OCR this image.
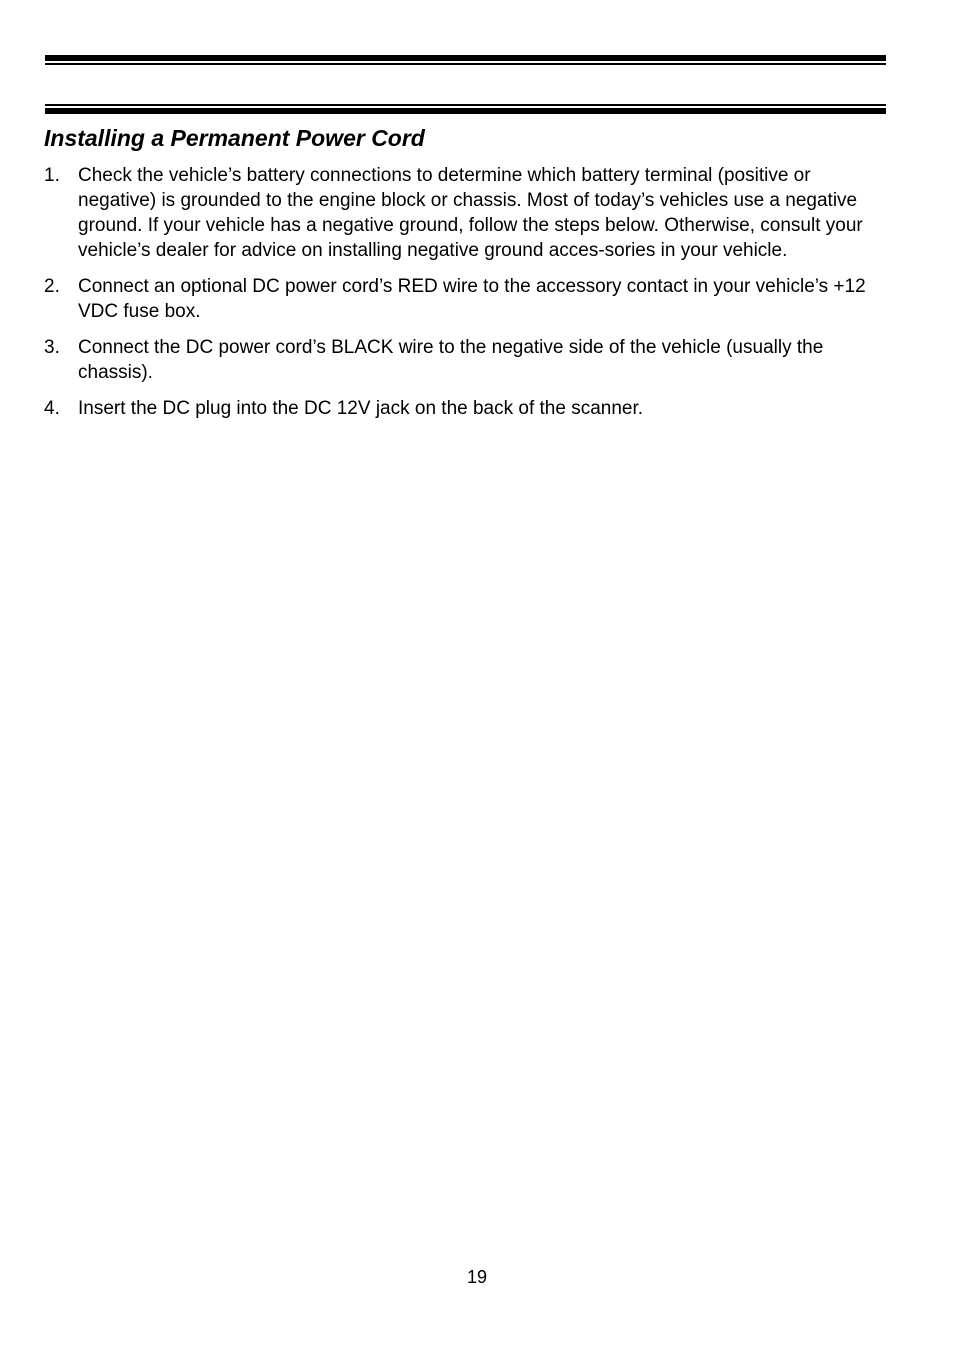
Installing a Permanent Power Cord
1. Check the vehicle’s battery connections to determine which battery terminal (positive or negative) is grounded to the engine block or chassis. Most of today’s vehicles use a negative ground. If your vehicle has a negative ground, follow the steps below. Otherwise, consult your vehicle’s dealer for advice on installing negative ground acces-sories in your vehicle.
2. Connect an optional DC power cord’s RED wire to the accessory contact in your vehicle’s +12 VDC fuse box.
3. Connect the DC power cord’s BLACK wire to the negative side of the vehicle (usually the chassis).
4. Insert the DC plug into the DC 12V jack on the back of the scanner.
19
